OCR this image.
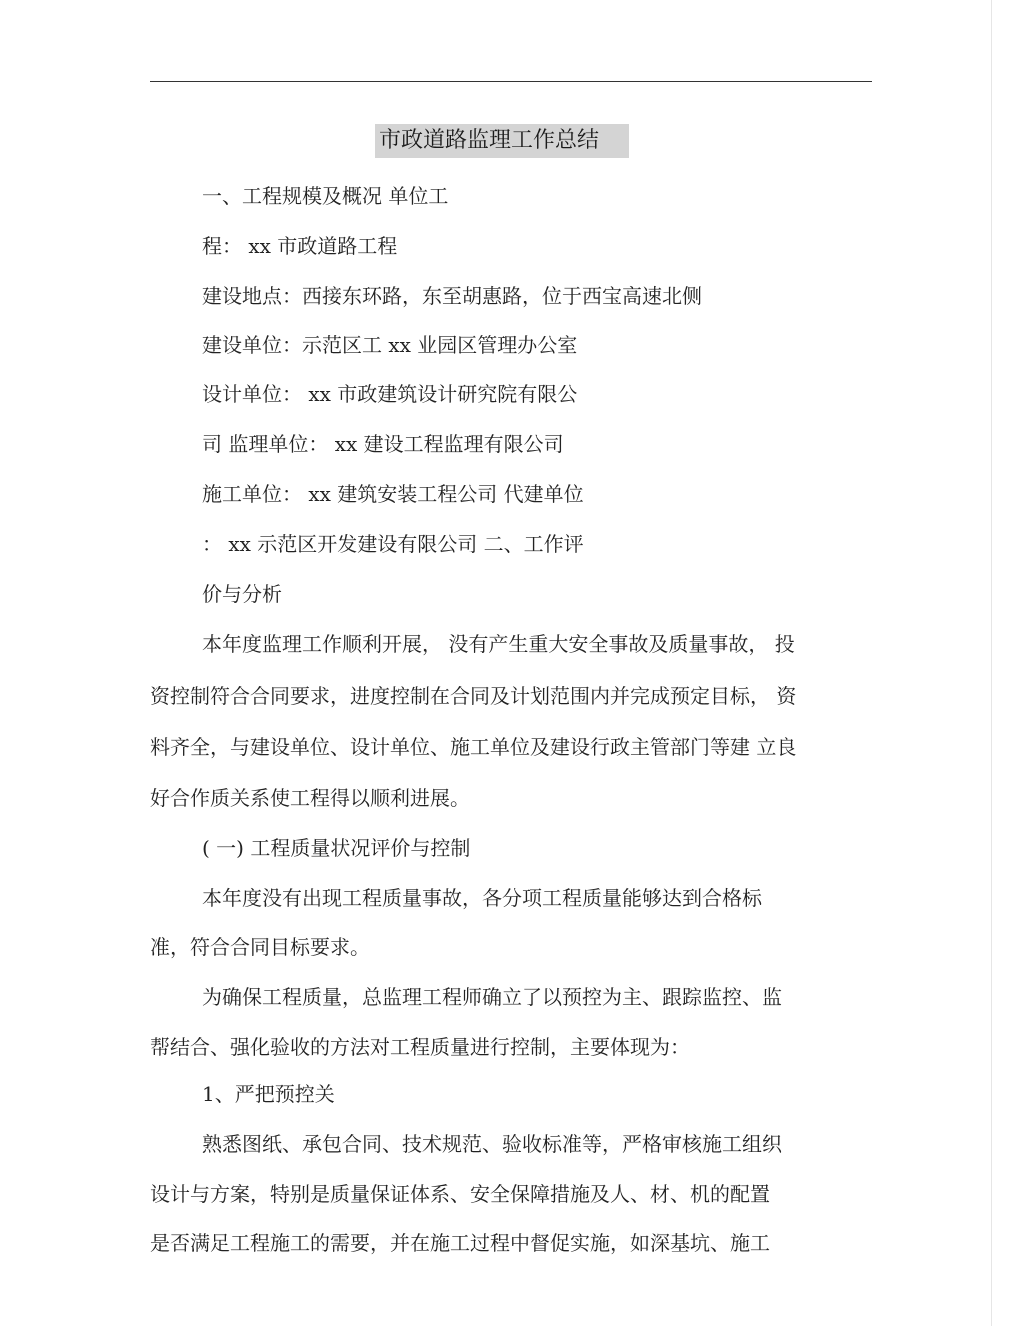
市政道路监理工作总结
一、工程规模及概况 单位工
程： xx 市政道路工程
建设地点：西接东环路，东至胡惠路，位于西宝高速北侧
建设单位：示范区工 xx 业园区管理办公室
设计单位： xx 市政建筑设计研究院有限公
司 监理单位： xx 建设工程监理有限公司
施工单位： xx 建筑安装工程公司 代建单位
： xx 示范区开发建设有限公司 二、工作评
价与分析
本年度监理工作顺利开展， 没有产生重大安全事故及质量事故， 投
资控制符合合同要求，进度控制在合同及计划范围内并完成预定目标， 资
料齐全，与建设单位、设计单位、施工单位及建设行政主管部门等建 立良
好合作质关系使工程得以顺利进展。
( 一) 工程质量状况评价与控制
本年度没有出现工程质量事故，各分项工程质量能够达到合格标
准，符合合同目标要求。
为确保工程质量，总监理工程师确立了以预控为主、跟踪监控、监
帮结合、强化验收的方法对工程质量进行控制，主要体现为：
1、严把预控关
熟悉图纸、承包合同、技术规范、验收标准等，严格审核施工组织
设计与方案，特别是质量保证体系、安全保障措施及人、材、机的配置
是否满足工程施工的需要，并在施工过程中督促实施，如深基坑、施工
